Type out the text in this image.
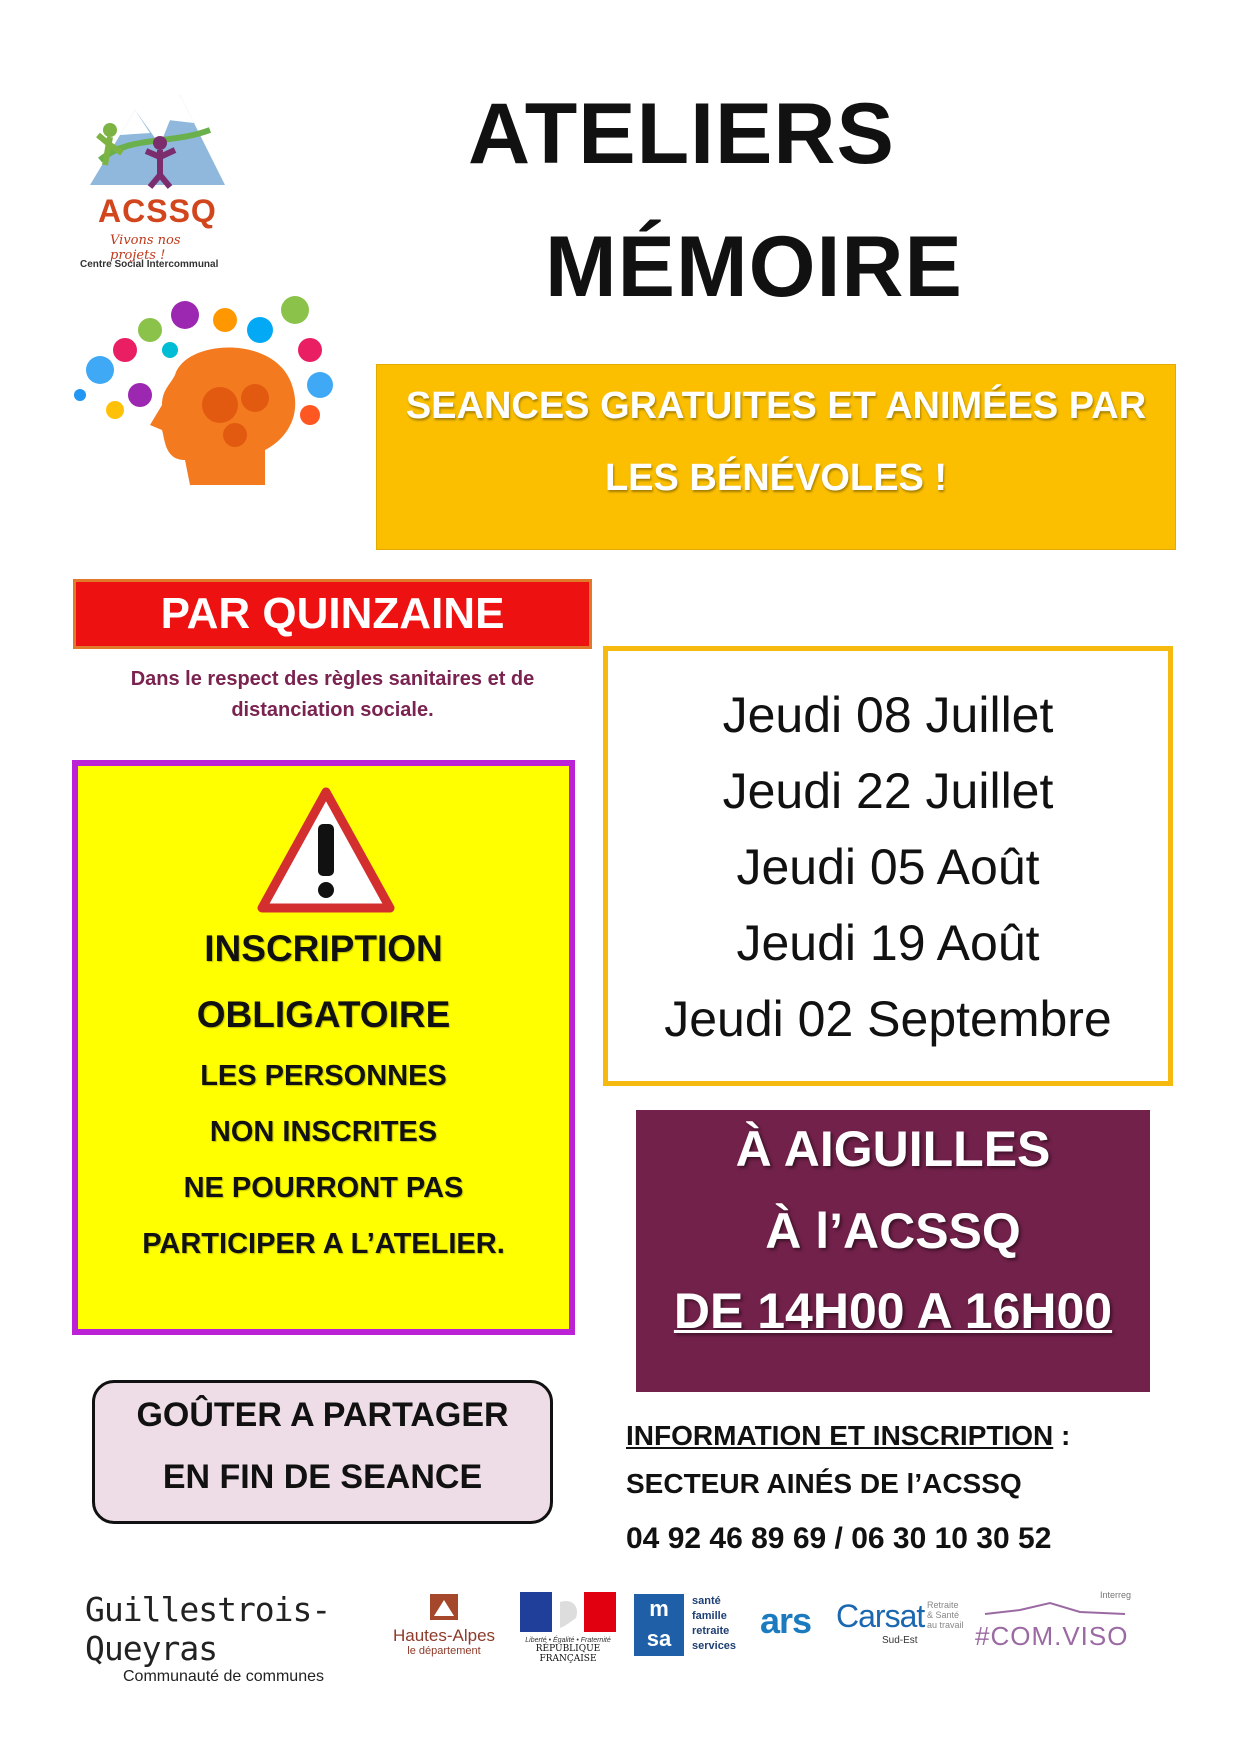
ACSSQ
Vivons nos projets !
Centre Social Intercommunal
ATELIERS
MÉMOIRE
SEANCES GRATUITES ET ANIMÉES PAR
LES BÉNÉVOLES !
PAR QUINZAINE
Dans le respect des règles sanitaires et de
distanciation sociale.
INSCRIPTION
OBLIGATOIRE
LES PERSONNES
NON INSCRITES
NE POURRONT PAS
PARTICIPER A L’ATELIER.
Jeudi 08 Juillet
Jeudi 22 Juillet
Jeudi 05 Août
Jeudi 19 Août
Jeudi 02 Septembre
À AIGUILLES
À l’ACSSQ
DE 14H00 A 16H00
GOÛTER A PARTAGER
EN FIN DE SEANCE
INFORMATION ET INSCRIPTION :
SECTEUR AINÉS DE l’ACSSQ
04 92 46 89 69 / 06 30 10 30 52
Guillestrois-Queyras
Communauté de communes
Hautes-Alpes
le département
Liberté • Égalité • Fraternité
RÉPUBLIQUE FRANÇAISE
m
sa
santé
famille
retraite
services
ars Carsat Retraite
& Santé
au travail
Sud-Est
Interreg
#COM.VISO
